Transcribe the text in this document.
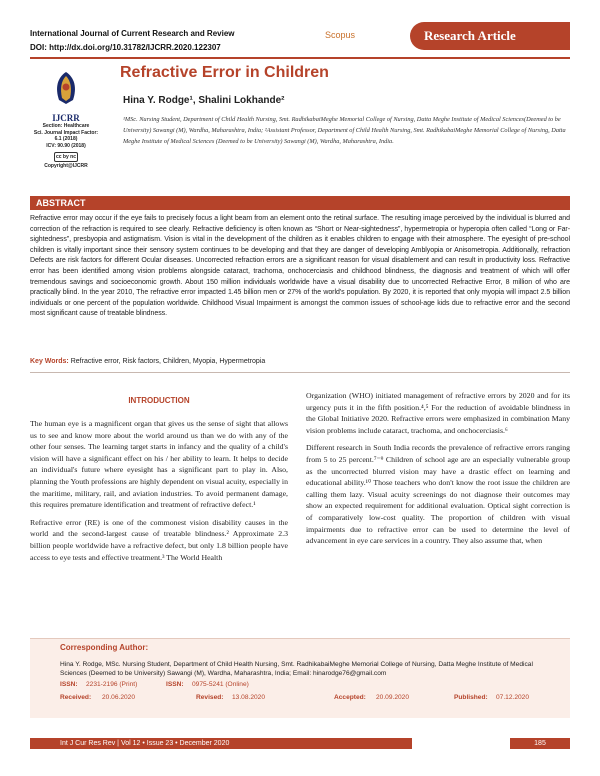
International Journal of Current Research and Review
DOI: http://dx.doi.org/10.31782/IJCRR.2020.122307
Scopus	Research Article
IJCRR
Section: Healthcare
Sci. Journal Impact Factor: 6.1 (2018)
ICV: 90.90 (2018)
cc by nc
Copyright@IJCRR
Refractive Error in Children
Hina Y. Rodge¹, Shalini Lokhande²
¹MSc. Nursing Student, Department of Child Health Nursing, Smt. RadhikabaiMeghe Memorial College of Nursing, Datta Meghe Institute of Medical Sciences(Deemed to be University) Sawangi (M), Wardha, Maharashtra, India; ²Assistant Professor, Department of Child Health Nursing, Smt. RadhikabaiMeghe Memorial College of Nursing, Datta Meghe Institute of Medical Sciences (Deemed to be University) Sawangi (M), Wardha, Maharashtra, India.
ABSTRACT
Refractive error may occur if the eye fails to precisely focus a light beam from an element onto the retinal surface. The resulting image perceived by the individual is blurred and correction of the refraction is required to see clearly. Refractive deficiency is often known as “Short or Near-sightedness”, hypermetropia or hyperopia often called “Long or Far-sightedness”, presbyopia and astigmatism. Vision is vital in the development of the children as it enables children to engage with their atmosphere. The eyesight of pre-school children is vitally important since their sensory system continues to be developing and that they are danger of developing Amblyopia or Anisometropia. Additionally, refraction Defects are risk factors for different Ocular diseases. Uncorrected refraction errors are a significant reason for visual disablement and can result in productivity loss. Refractive error has been identified among vision problems alongside cataract, trachoma, onchocerciasis and childhood blindness, the diagnosis and treatment of which will offer tremendous savings and socioeconomic growth. About 150 million individuals worldwide have a visual disability due to uncorrected Refractive Error, 8 million of who are practically blind. In the year 2010, The refractive error impacted 1.45 billion men or 27% of the world's population. By 2020, it is reported that only myopia will impact 2.5 billion individuals or one percent of the population worldwide. Childhood Visual Impairment is amongst the common issues of school-age kids due to refractive error and the second most significant cause of treatable blindness.
Key Words: Refractive error, Risk factors, Children, Myopia, Hypermetropia
INTRODUCTION

The human eye is a magnificent organ that gives us the sense of sight that allows us to see and know more about the world around us than we do with any of the other four senses. The learning target starts in infancy and the quality of a child's vision will have a significant effect on his / her ability to learn. It helps to decide an individual's future where eyesight has a significant part to play in. Also, planning the Youth professions are highly dependent on visual acuity, especially in the maritime, military, rail, and aviation industries. To avoid permanent damage, this requires premature identification and treatment of refractive defect.¹

Refractive error (RE) is one of the commonest vision disability causes in the world and the second-largest cause of treatable blindness.² Approximate 2.3 billion people worldwide have a refractive defect, but only 1.8 billion people have access to eye tests and effective treatment.³ The World Health

Organization (WHO) initiated management of refractive errors by 2020 and for its urgency puts it in the fifth position.⁴,⁵ For the reduction of avoidable blindness in the Global Initiative 2020. Refractive errors were emphasized in combination Many vision problems include cataract, trachoma, and onchocerciasis.⁶

Different research in South India records the prevalence of refractive errors ranging from 5 to 25 percent.⁷⁻⁹ Children of school age are an especially vulnerable group as the uncorrected blurred vision may have a drastic effect on learning and educational ability.¹⁰ Those teachers who don't know the root issue the children are calling them lazy. Visual acuity screenings do not diagnose their outcomes may show an expected requirement for additional evaluation. Optical sight correction is of comparatively low-cost quality. The proportion of children with visual impairments due to refractive error can be used to determine the level of advancement in eye care services in a country. They also assume that, when

Corresponding Author:
Hina Y. Rodge, MSc. Nursing Student, Department of Child Health Nursing, Smt. RadhikabaiMeghe Memorial College of Nursing, Datta Meghe Institute of Medical Sciences (Deemed to be University) Sawangi (M), Wardha, Maharashtra, India; Email: hinarodge76@gmail.com
ISSN: 2231-2196 (Print)	ISSN: 0975-5241 (Online)
Received: 20.06.2020	Revised: 13.08.2020	Accepted: 20.09.2020	Published: 07.12.2020
Int J Cur Res Rev | Vol 12 • Issue 23 • December 2020	185
